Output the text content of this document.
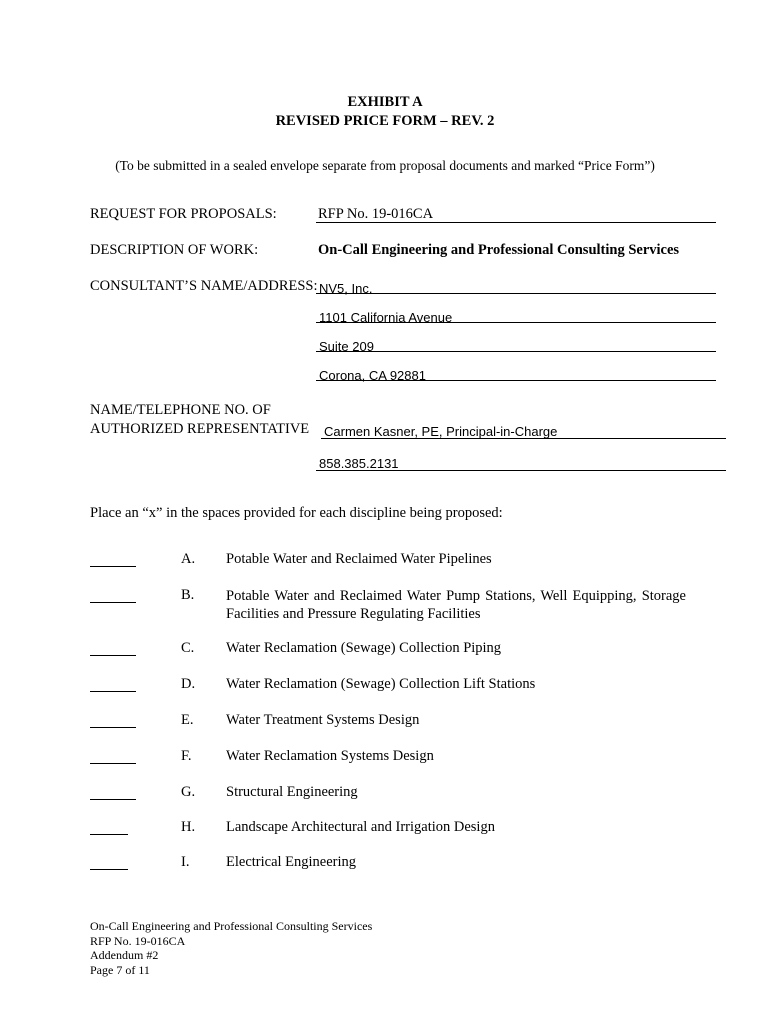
EXHIBIT A
REVISED PRICE FORM – REV. 2
(To be submitted in a sealed envelope separate from proposal documents and marked “Price Form”)
REQUEST FOR PROPOSALS:	RFP No. 19-016CA
DESCRIPTION OF WORK:	On-Call Engineering and Professional Consulting Services
CONSULTANT’S NAME/ADDRESS: NV5, Inc.
1101 California Avenue
Suite 209
Corona, CA 92881
NAME/TELEPHONE NO. OF
AUTHORIZED REPRESENTATIVE Carmen Kasner, PE, Principal-in-Charge
858.385.2131
Place an “x” in the spaces provided for each discipline being proposed:
A. Potable Water and Reclaimed Water Pipelines
B. Potable Water and Reclaimed Water Pump Stations, Well Equipping, Storage Facilities and Pressure Regulating Facilities
C. Water Reclamation (Sewage) Collection Piping
D. Water Reclamation (Sewage) Collection Lift Stations
E. Water Treatment Systems Design
F. Water Reclamation Systems Design
G. Structural Engineering
H. Landscape Architectural and Irrigation Design
I.	Electrical Engineering
On-Call Engineering and Professional Consulting Services
RFP No. 19-016CA
Addendum #2
Page 7 of 11
